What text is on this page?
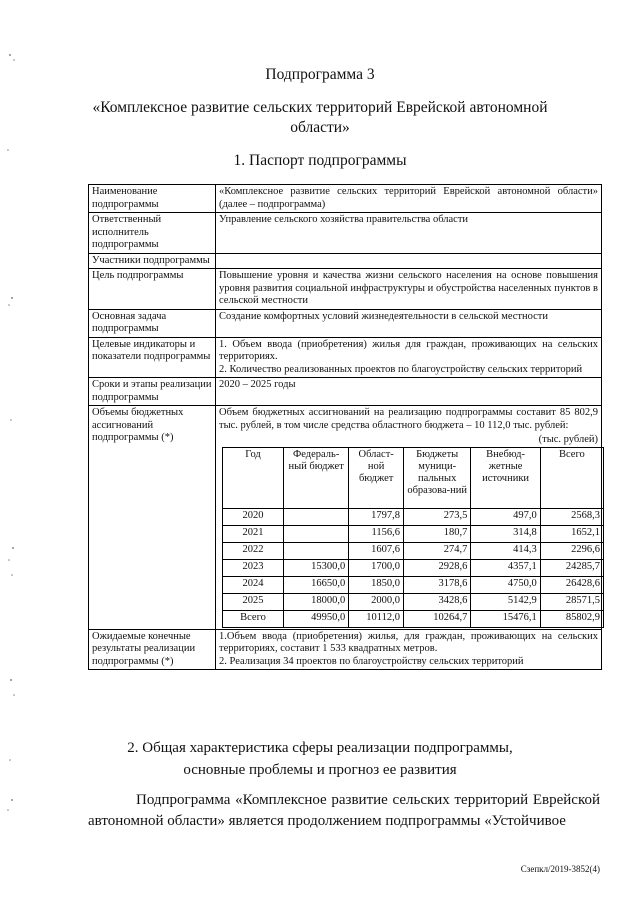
Подпрограмма 3
«Комплексное развитие сельских территорий Еврейской автономной области»
1. Паспорт подпрограммы
Наименование подпрограммы	«Комплексное развитие сельских территорий Еврейской автономной области» (далее – подпрограмма)
Ответственный исполнитель подпрограммы	Управление сельского хозяйства правительства области
Участники подпрограммы	
Цель подпрограммы	Повышение уровня и качества жизни сельского населения на основе повышения уровня развития социальной инфраструктуры и обустройства населенных пунктов в сельской местности
Основная задача подпрограммы	Создание комфортных условий жизнедеятельности в сельской местности
Целевые индикаторы и показатели подпрограммы	1. Объем ввода (приобретения) жилья для граждан, проживающих на сельских территориях.
2. Количество реализованных проектов по благоустройству сельских территорий
Сроки и этапы реализации подпрограммы	2020 – 2025 годы
Объемы бюджетных ассигнований подпрограммы (*)	
Объем бюджетных ассигнований на реализацию подпрограммы составит 85 802,9 тыс. рублей, в том числе средства областного бюджета – 10 112,0 тыс. рублей:
(тыс. рублей)
Год	Федераль-ный бюджет	Област-ной бюджет	Бюджеты муници-пальных образова-ний	Внебюд-жетные источники	Всего
2020		1797,8	273,5	497,0	2568,3
2021		1156,6	180,7	314,8	1652,1
2022		1607,6	274,7	414,3	2296,6
2023	15300,0	1700,0	2928,6	4357,1	24285,7
2024	16650,0	1850,0	3178,6	4750,0	26428,6
2025	18000,0	2000,0	3428,6	5142,9	28571,5
Всего	49950,0	10112,0	10264,7	15476,1	85802,9

Ожидаемые конечные результаты реализации подпрограммы (*)	1.Объем ввода (приобретения) жилья, для граждан, проживающих на сельских территориях, составит 1 533 квадратных метров.
2. Реализация 34 проектов по благоустройству сельских территорий
2. Общая характеристика сферы реализации подпрограммы, основные проблемы и прогноз ее развития
Подпрограмма «Комплексное развитие сельских территорий Еврейской автономной области» является продолжением подпрограммы «Устойчивое
Сзепкл/2019-3852(4)
